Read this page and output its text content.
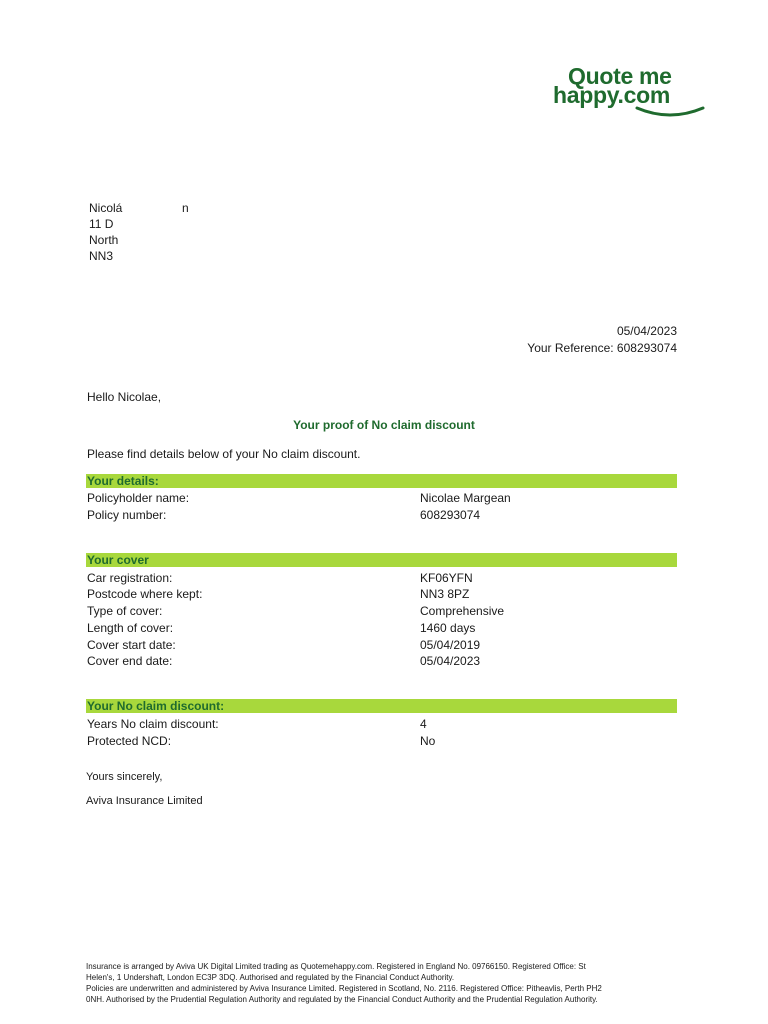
Quote me
happy.com
Nicolá	n
11 D
North
NN3
05/04/2023
Your Reference: 608293074
Hello Nicolae,
Your proof of No claim discount
Please find details below of your No claim discount.
Your details:
Policyholder name:	Nicolae Margean
Policy number:	608293074
Your cover
Car registration:	KF06YFN
Postcode where kept:	NN3 8PZ
Type of cover:	Comprehensive
Length of cover:	1460 days
Cover start date:	05/04/2019
Cover end date:	05/04/2023
Your No claim discount:
Years No claim discount:	4
Protected NCD:	No
Yours sincerely,
Aviva Insurance Limited
Insurance is arranged by Aviva UK Digital Limited trading as Quotemehappy.com. Registered in England No. 09766150. Registered Office: St
Helen's, 1 Undershaft, London EC3P 3DQ. Authorised and regulated by the Financial Conduct Authority.
Policies are underwritten and administered by Aviva Insurance Limited. Registered in Scotland, No. 2116. Registered Office: Pitheavlis, Perth PH2
0NH. Authorised by the Prudential Regulation Authority and regulated by the Financial Conduct Authority and the Prudential Regulation Authority.
